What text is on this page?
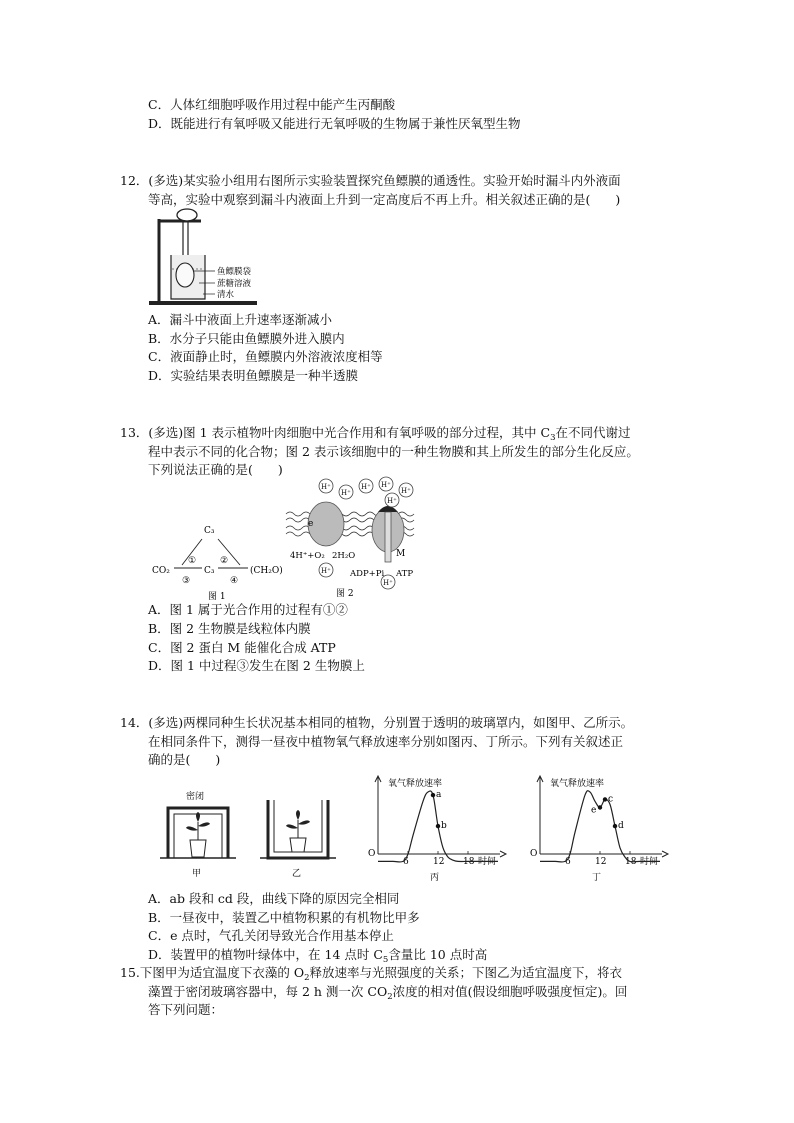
C．人体红细胞呼吸作用过程中能产生丙酮酸
D．既能进行有氧呼吸又能进行无氧呼吸的生物属于兼性厌氧型生物
12．(多选)某实验小组用右图所示实验装置探究鱼鳔膜的通透性。实验开始时漏斗内外液面
等高，实验中观察到漏斗内液面上升到一定高度后不再上升。相关叙述正确的是(　　)
鱼鳔膜袋
蔗糖溶液
清水
A．漏斗中液面上升速率逐渐减小
B．水分子只能由鱼鳔膜外进入膜内
C．液面静止时，鱼鳔膜内外溶液浓度相等
D．实验结果表明鱼鳔膜是一种半透膜
13．(多选)图 1 表示植物叶肉细胞中光合作用和有氧呼吸的部分过程，其中 $C_3$在不同代谢过
程中表示不同的化合物；图 2 表示该细胞中的一种生物膜和其上所发生的部分生化反应。
下列说法正确的是(　　)
C₃
①	②
CO₂	C₃	(CH₂O)
③	④
图 1
e
M
H⁺
H⁺
H⁺ H⁺
H⁺
H⁺
H⁺
H⁺
4H⁺+O₂ 2H₂O
ADP+Pi ATP
图 2
A．图 1 属于光合作用的过程有①②
B．图 2 生物膜是线粒体内膜
C．图 2 蛋白 M 能催化合成 ATP
D．图 1 中过程③发生在图 2 生物膜上
14．(多选)两棵同种生长状况基本相同的植物，分别置于透明的玻璃罩内，如图甲、乙所示。
在相同条件下，测得一昼夜中植物氧气释放速率分别如图丙、丁所示。下列有关叙述正
确的是(　　)
密闭
甲	乙
氧气释放速率
O
时间
丙
6	12 18
a
b
氧气释放速率
O
时间
丁
6	12 18
e
c
d
A．ab 段和 cd 段，曲线下降的原因完全相同
B．一昼夜中，装置乙中植物积累的有机物比甲多
C．e 点时，气孔关闭导致光合作用基本停止
D．装置甲的植物叶绿体中，在 14 点时 $C_5$含量比 10 点时高
15.下图甲为适宜温度下衣藻的 $O_2$释放速率与光照强度的关系；下图乙为适宜温度下，将衣
藻置于密闭玻璃容器中，每 2 h 测一次 $CO_2$浓度的相对值(假设细胞呼吸强度恒定)。回
答下列问题：
